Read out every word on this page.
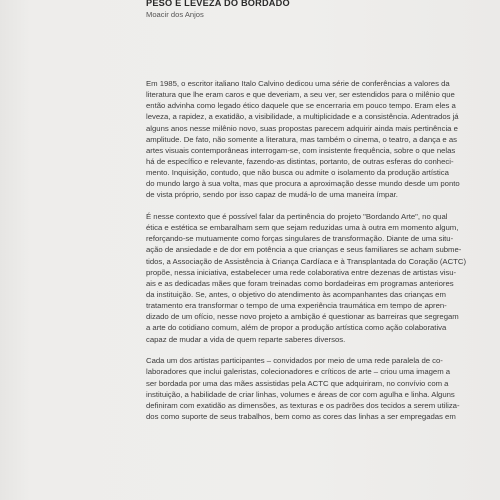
PESO E LEVEZA DO BORDADO
Moacir dos Anjos
Em 1985, o escritor italiano Italo Calvino dedicou uma série de conferências a valores da
literatura que lhe eram caros e que deveriam, a seu ver, ser estendidos para o milênio que
então advinha como legado ético daquele que se encerraria em pouco tempo. Eram eles a
leveza, a rapidez, a exatidão, a visibilidade, a multiplicidade e a consistência. Adentrados já
alguns anos nesse milênio novo, suas propostas parecem adquirir ainda mais pertinência e
amplitude. De fato, não somente a literatura, mas também o cinema, o teatro, a dança e as
artes visuais contemporâneas interrogam-se, com insistente frequência, sobre o que nelas
há de específico e relevante, fazendo-as distintas, portanto, de outras esferas do conheci-
mento. Inquisição, contudo, que não busca ou admite o isolamento da produção artística
do mundo largo à sua volta, mas que procura a aproximação desse mundo desde um ponto
de vista próprio, sendo por isso capaz de mudá-lo de uma maneira ímpar.
É nesse contexto que é possível falar da pertinência do projeto "Bordando Arte", no qual
ética e estética se embaralham sem que sejam reduzidas uma à outra em momento algum,
reforçando-se mutuamente como forças singulares de transformação. Diante de uma situ-
ação de ansiedade e de dor em potência a que crianças e seus familiares se acham subme-
tidos, a Associação de Assistência à Criança Cardíaca e à Transplantada do Coração (ACTC)
propõe, nessa iniciativa, estabelecer uma rede colaborativa entre dezenas de artistas visu-
ais e as dedicadas mães que foram treinadas como bordadeiras em programas anteriores
da instituição. Se, antes, o objetivo do atendimento às acompanhantes das crianças em
tratamento era transformar o tempo de uma experiência traumática em tempo de apren-
dizado de um ofício, nesse novo projeto a ambição é questionar as barreiras que segregam
a arte do cotidiano comum, além de propor a produção artística como ação colaborativa
capaz de mudar a vida de quem reparte saberes diversos.
Cada um dos artistas participantes – convidados por meio de uma rede paralela de co-
laboradores que inclui galeristas, colecionadores e críticos de arte – criou uma imagem a
ser bordada por uma das mães assistidas pela ACTC que adquiriram, no convívio com a
instituição, a habilidade de criar linhas, volumes e áreas de cor com agulha e linha. Alguns
definiram com exatidão as dimensões, as texturas e os padrões dos tecidos a serem utiliza-
dos como suporte de seus trabalhos, bem como as cores das linhas a ser empregadas em
